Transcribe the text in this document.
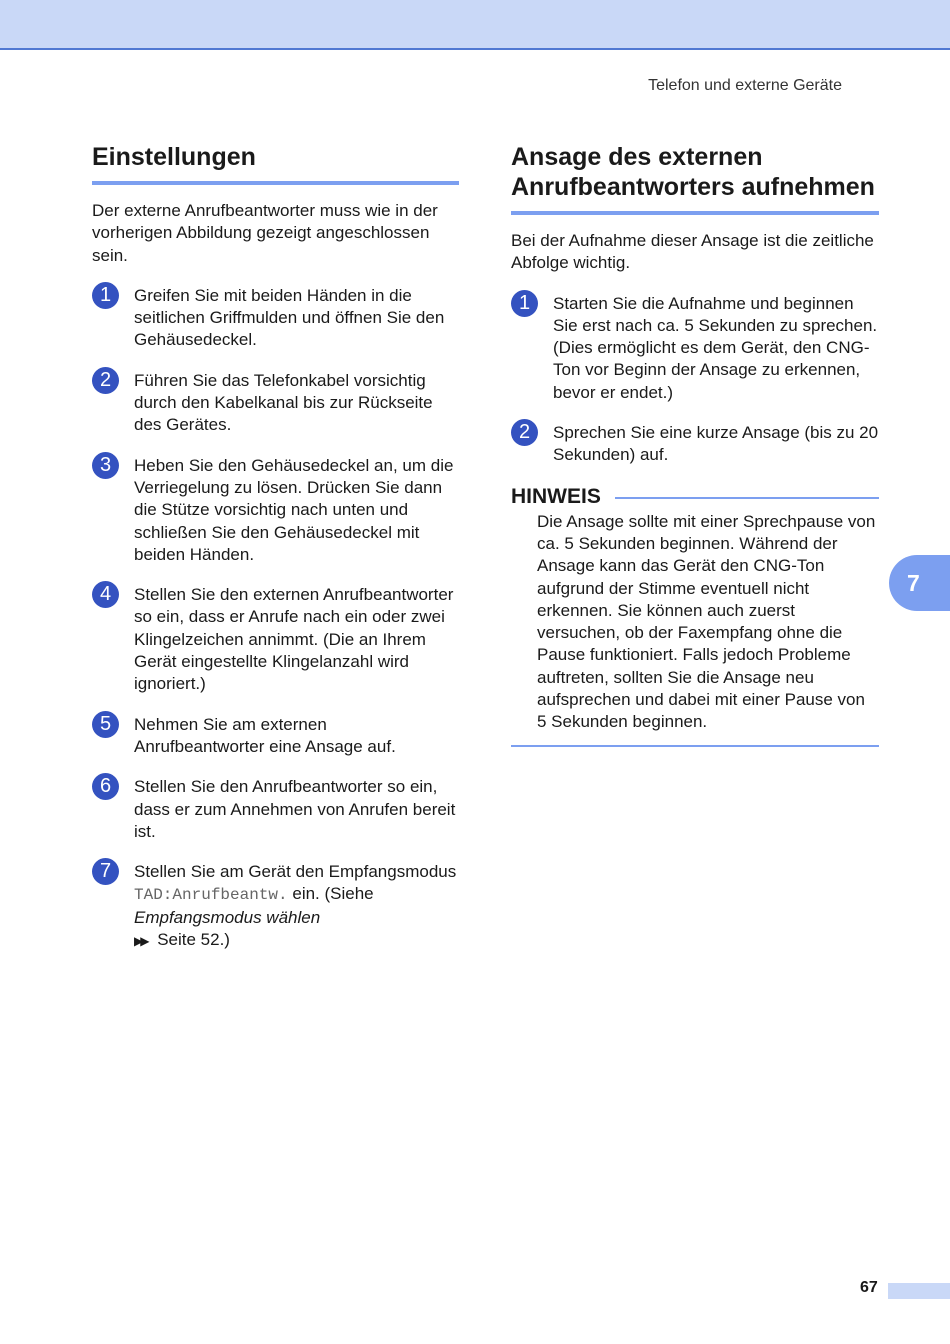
Telefon und externe Geräte
Einstellungen

Der externe Anrufbeantworter muss wie in der vorherigen Abbildung gezeigt angeschlossen sein.

1	Greifen Sie mit beiden Händen in die seitlichen Griffmulden und öffnen Sie den Gehäusedeckel.

2	Führen Sie das Telefonkabel vorsichtig durch den Kabelkanal bis zur Rückseite des Gerätes.

3	Heben Sie den Gehäusedeckel an, um die Verriegelung zu lösen. Drücken Sie dann die Stütze vorsichtig nach unten und schließen Sie den Gehäusedeckel mit beiden Händen.

4	Stellen Sie den externen Anrufbeantworter so ein, dass er Anrufe nach ein oder zwei Klingelzeichen annimmt. (Die an Ihrem Gerät eingestellte Klingelanzahl wird ignoriert.)

5	Nehmen Sie am externen Anrufbeantworter eine Ansage auf.

6	Stellen Sie den Anrufbeantworter so ein, dass er zum Annehmen von Anrufen bereit ist.

7	Stellen Sie am Gerät den Empfangsmodus TAD:Anrufbeantw. ein. (Siehe Empfangsmodus wählen
▶▶ Seite 52.)

Ansage des externen Anrufbeantworters aufnehmen

Bei der Aufnahme dieser Ansage ist die zeitliche Abfolge wichtig.

1	Starten Sie die Aufnahme und beginnen Sie erst nach ca. 5 Sekunden zu sprechen. (Dies ermöglicht es dem Gerät, den CNG-Ton vor Beginn der Ansage zu erkennen, bevor er endet.)

2	Sprechen Sie eine kurze Ansage (bis zu 20 Sekunden) auf.

HINWEIS

Die Ansage sollte mit einer Sprechpause von ca. 5 Sekunden beginnen. Während der Ansage kann das Gerät den CNG-Ton aufgrund der Stimme eventuell nicht erkennen. Sie können auch zuerst versuchen, ob der Faxempfang ohne die Pause funktioniert. Falls jedoch Probleme auftreten, sollten Sie die Ansage neu aufsprechen und dabei mit einer Pause von 5 Sekunden beginnen.

7
67
